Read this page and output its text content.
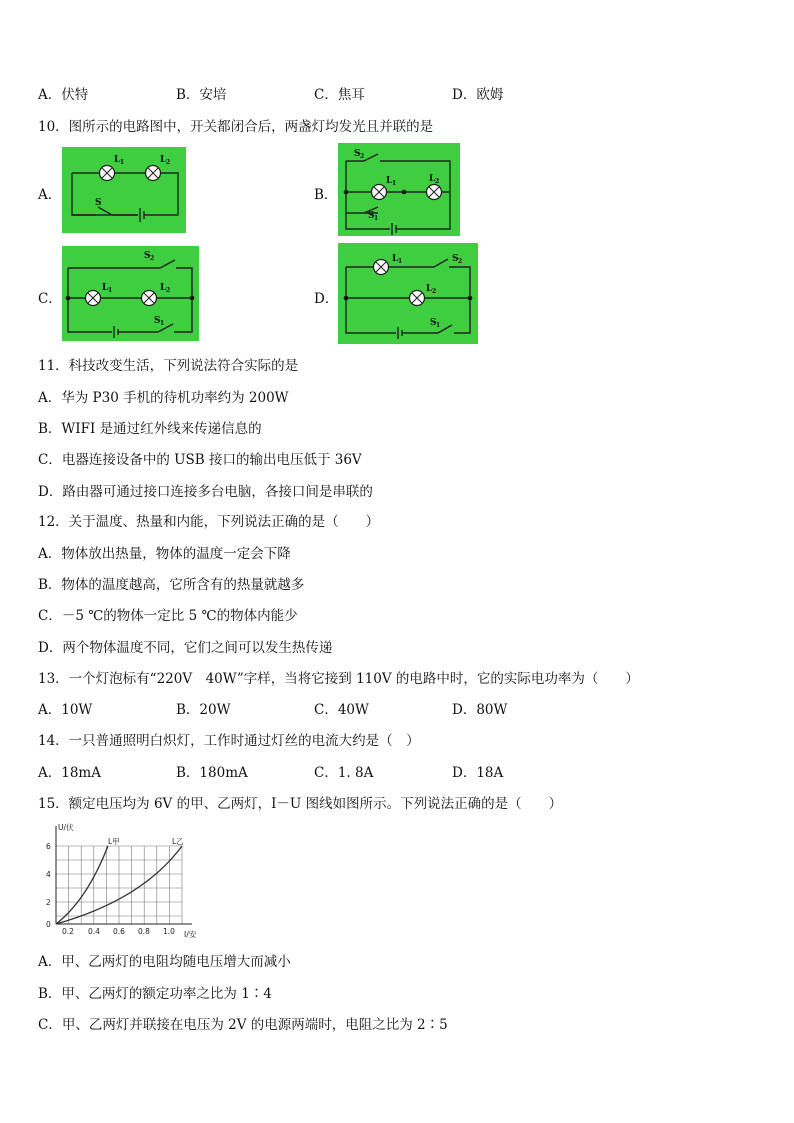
A．伏特	B．安培	C．焦耳	D．欧姆
10．图所示的电路图中，开关都闭合后，两盏灯均发光且并联的是
A．
L 1	L 2
S	B．
S 2
L 1	L 2
S 1
C．
S 2
L 1	L 2
S 1
D．
L 1	S 2
L 2
S 1
11．科技改变生活，下列说法符合实际的是
A．华为 P30 手机的待机功率约为 200W
B．WIFI 是通过红外线来传递信息的
C．电器连接设备中的 USB 接口的输出电压低于 36V
D．路由器可通过接口连接多台电脑，各接口间是串联的
12．关于温度、热量和内能，下列说法正确的是（　　）
A．物体放出热量，物体的温度一定会下降
B．物体的温度越高，它所含有的热量就越多
C．－5 ℃的物体一定比 5 ℃的物体内能少
D．两个物体温度不同，它们之间可以发生热传递
13．一个灯泡标有“220V　40W”字样，当将它接到 110V 的电路中时，它的实际电功率为（　　）
A．10W	B．20W	C．40W	D．80W
14．一只普通照明白炽灯，工作时通过灯丝的电流大约是（　）
A．18mA	B．180mA	C．1. 8A	D．18A
15．额定电压均为 6V 的甲、乙两灯，I－U 图线如图所示。下列说法正确的是（　　）
U/伏
I/安
6
4
2
0
0.2 0.4 0.6 0.8 1.0
L甲	L乙
A．甲、乙两灯的电阻均随电压增大而减小
B．甲、乙两灯的额定功率之比为 1∶4
C．甲、乙两灯并联接在电压为 2V 的电源两端时，电阻之比为 2∶5
